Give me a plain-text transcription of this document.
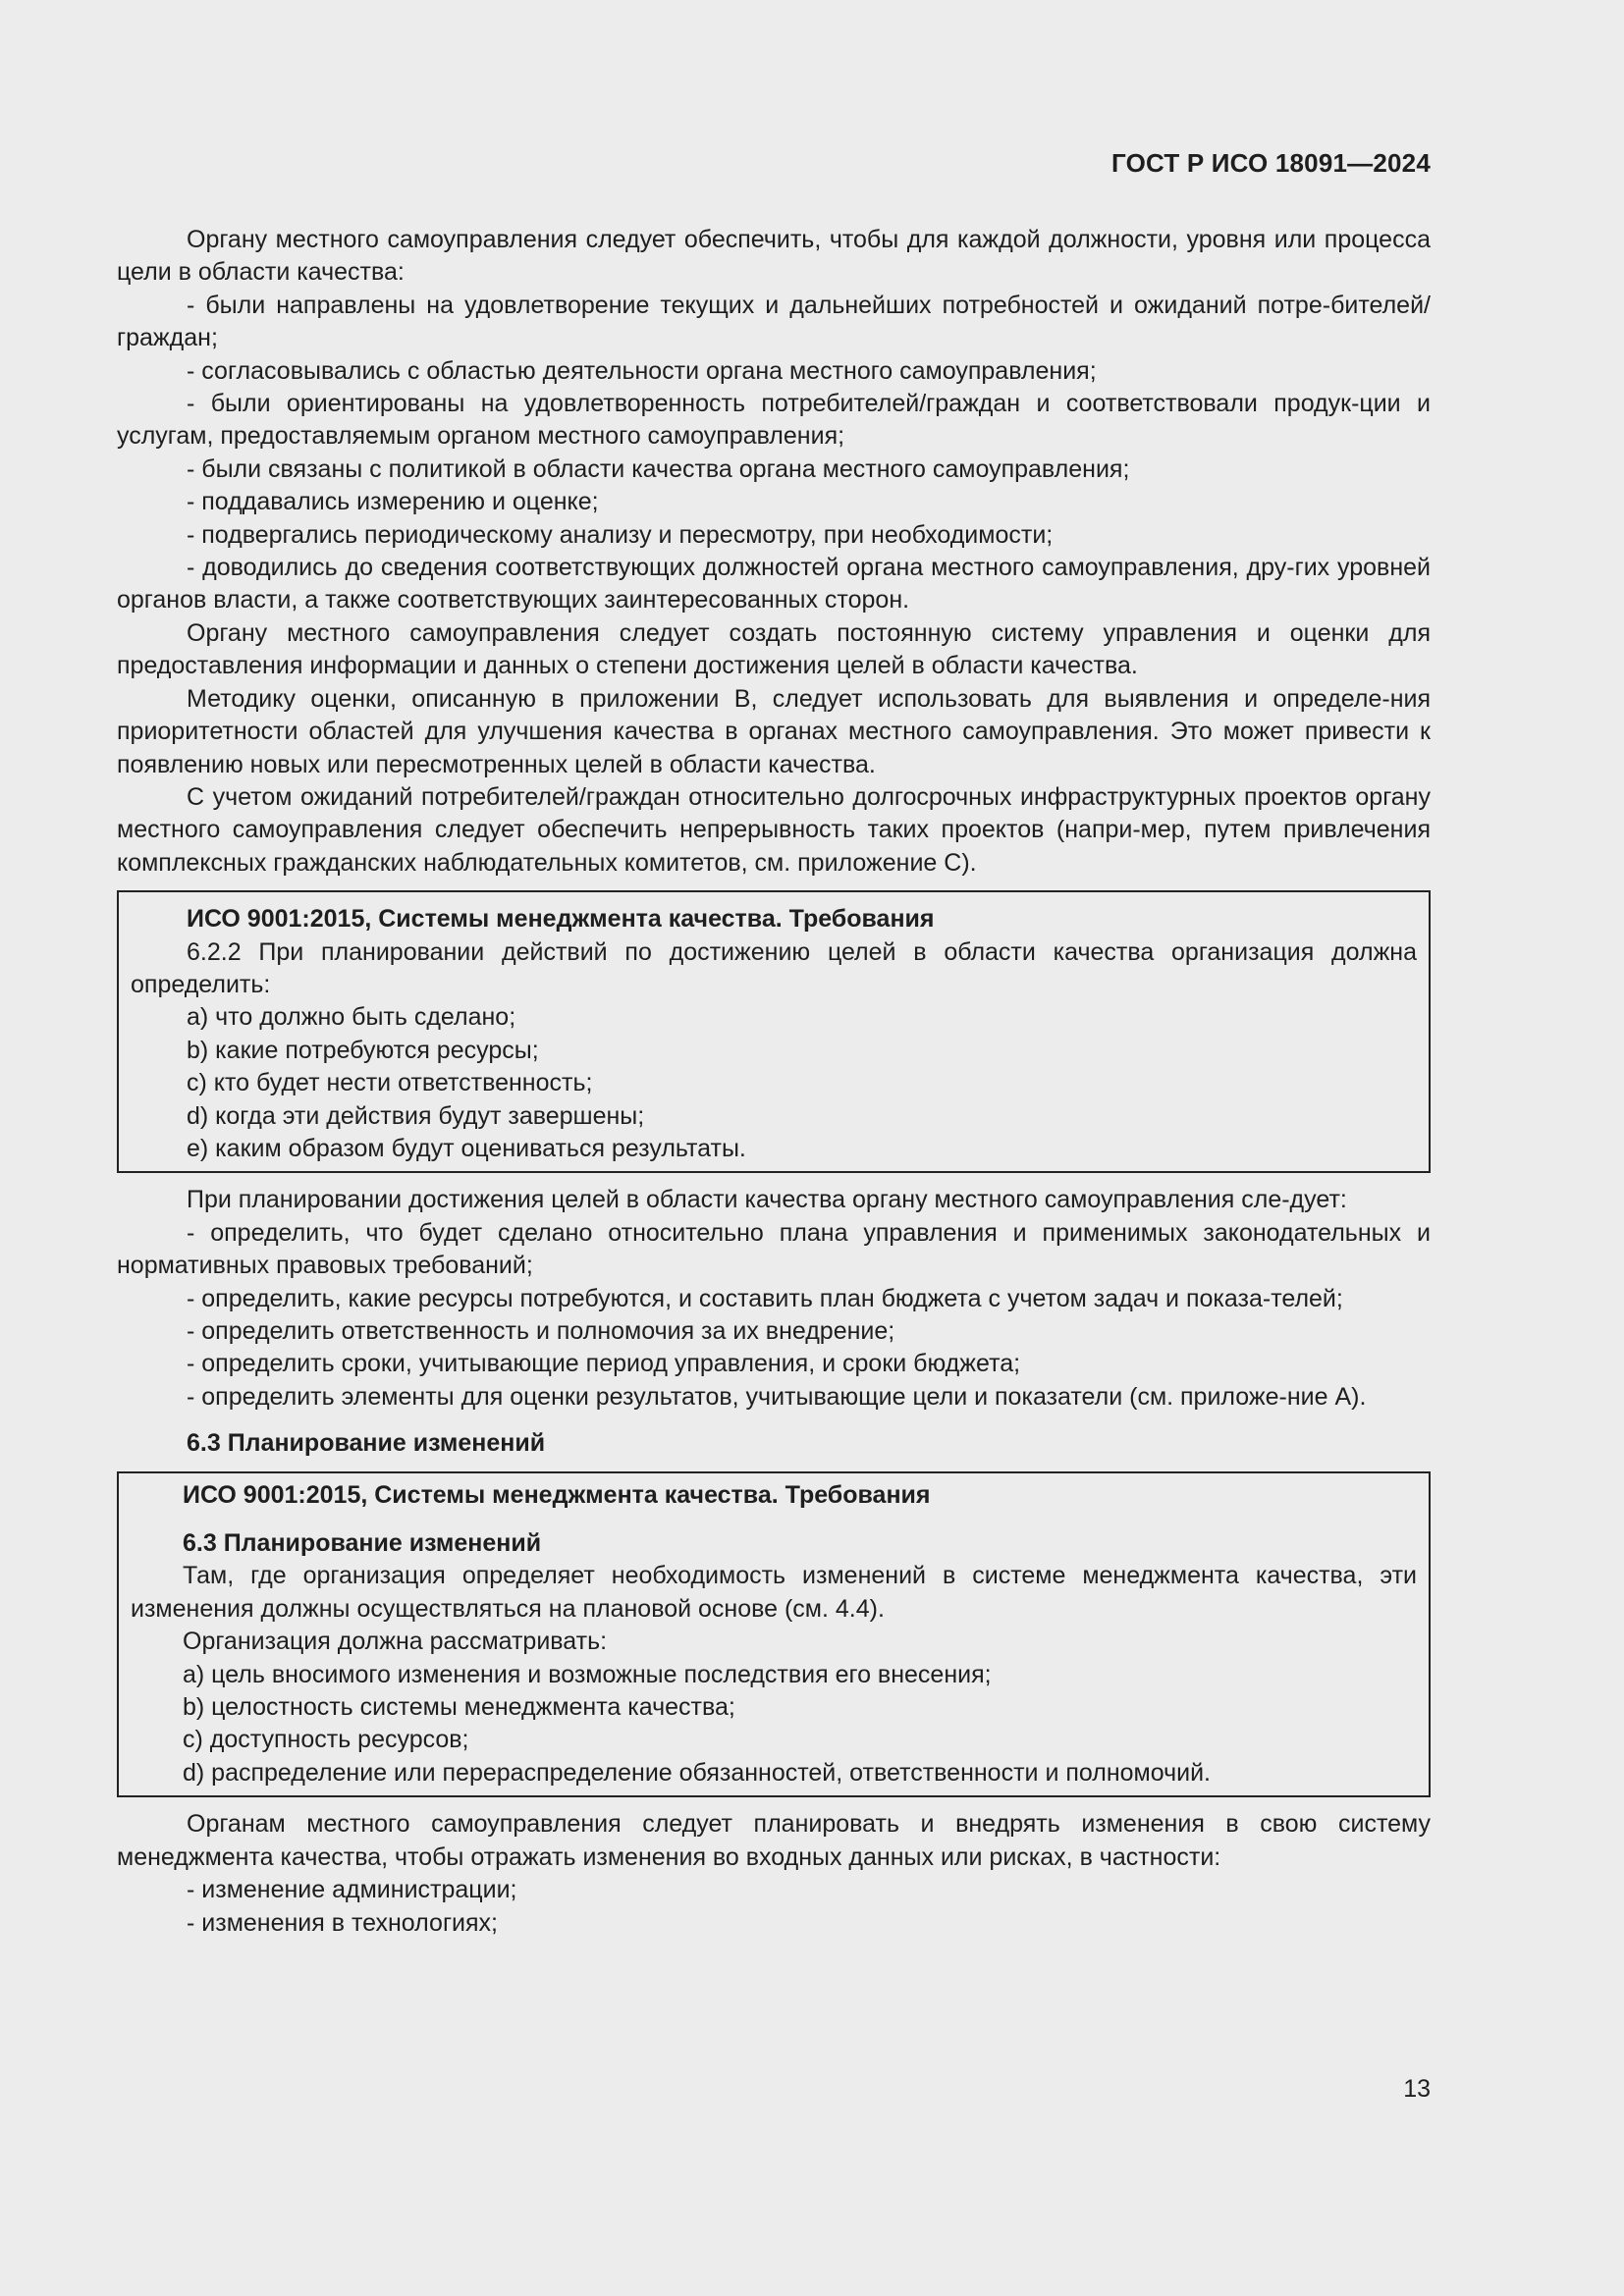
ГОСТ Р ИСО 18091—2024

Органу местного самоуправления следует обеспечить, чтобы для каждой должности, уровня или процесса цели в области качества:

- были направлены на удовлетворение текущих и дальнейших потребностей и ожиданий потре-бителей/граждан;

- согласовывались с областью деятельности органа местного самоуправления;

- были ориентированы на удовлетворенность потребителей/граждан и соответствовали продук-ции и услугам, предоставляемым органом местного самоуправления;

- были связаны с политикой в области качества органа местного самоуправления;

- поддавались измерению и оценке;

- подвергались периодическому анализу и пересмотру, при необходимости;

- доводились до сведения соответствующих должностей органа местного самоуправления, дру-гих уровней органов власти, а также соответствующих заинтересованных сторон.

Органу местного самоуправления следует создать постоянную систему управления и оценки для предоставления информации и данных о степени достижения целей в области качества.

Методику оценки, описанную в приложении В, следует использовать для выявления и определе-ния приоритетности областей для улучшения качества в органах местного самоуправления. Это может привести к появлению новых или пересмотренных целей в области качества.

С учетом ожиданий потребителей/граждан относительно долгосрочных инфраструктурных проектов органу местного самоуправления следует обеспечить непрерывность таких проектов (напри-мер, путем привлечения комплексных гражданских наблюдательных комитетов, см. приложение С).

ИСО 9001:2015, Системы менеджмента качества. Требования

6.2.2 При планировании действий по достижению целей в области качества организация должна определить:

a) что должно быть сделано;

b) какие потребуются ресурсы;

c) кто будет нести ответственность;

d) когда эти действия будут завершены;

e) каким образом будут оцениваться результаты.

При планировании достижения целей в области качества органу местного самоуправления сле-дует:

- определить, что будет сделано относительно плана управления и применимых законодательных и нормативных правовых требований;

- определить, какие ресурсы потребуются, и составить план бюджета с учетом задач и показа-телей;

- определить ответственность и полномочия за их внедрение;

- определить сроки, учитывающие период управления, и сроки бюджета;

- определить элементы для оценки результатов, учитывающие цели и показатели (см. приложе-ние А).

6.3 Планирование изменений

ИСО 9001:2015, Системы менеджмента качества. Требования

6.3 Планирование изменений

Там, где организация определяет необходимость изменений в системе менеджмента качества, эти изменения должны осуществляться на плановой основе (см. 4.4).

Организация должна рассматривать:

a) цель вносимого изменения и возможные последствия его внесения;

b) целостность системы менеджмента качества;

c) доступность ресурсов;

d) распределение или перераспределение обязанностей, ответственности и полномочий.

Органам местного самоуправления следует планировать и внедрять изменения в свою систему менеджмента качества, чтобы отражать изменения во входных данных или рисках, в частности:

- изменение администрации;

- изменения в технологиях;

13
